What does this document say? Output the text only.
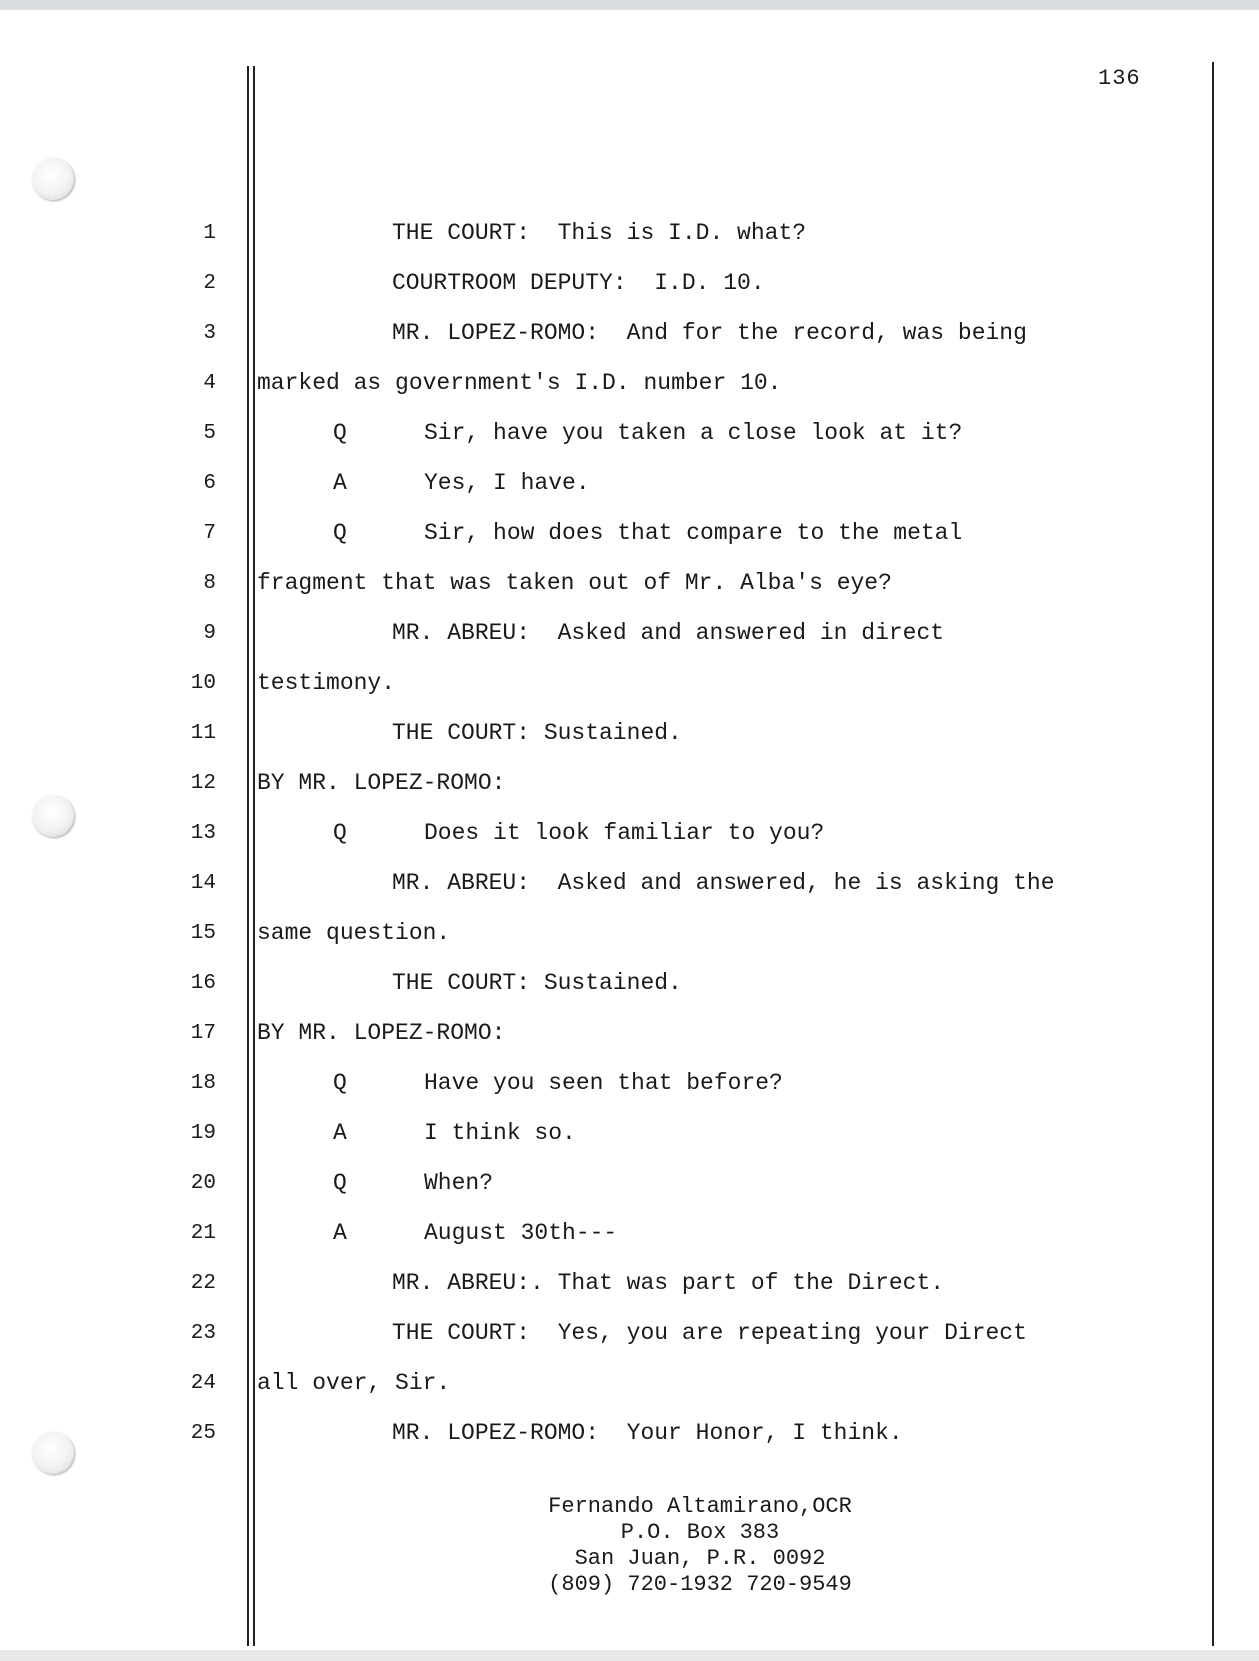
136
1	THE COURT:  This is I.D. what?
2	COURTROOM DEPUTY:  I.D. 10.
3	MR. LOPEZ-ROMO:  And for the record, was being
4 marked as government's I.D. number 10.
5	Q	Sir, have you taken a close look at it?
6	A	Yes, I have.
7	Q	Sir, how does that compare to the metal
8 fragment that was taken out of Mr. Alba's eye?
9	MR. ABREU:  Asked and answered in direct
10 testimony.
11	THE COURT: Sustained.
12 BY MR. LOPEZ-ROMO:
13	Q	Does it look familiar to you?
14	MR. ABREU:  Asked and answered, he is asking the
15 same question.
16	THE COURT: Sustained.
17 BY MR. LOPEZ-ROMO:
18	Q	Have you seen that before?
19	A	I think so.
20	Q	When?
21	A	August 30th---
22	MR. ABREU:. That was part of the Direct.
23	THE COURT:  Yes, you are repeating your Direct
24 all over, Sir.
25	MR. LOPEZ-ROMO:  Your Honor, I think.
Fernando Altamirano,OCR
P.O. Box 383
San Juan, P.R. 0092
(809) 720-1932 720-9549
